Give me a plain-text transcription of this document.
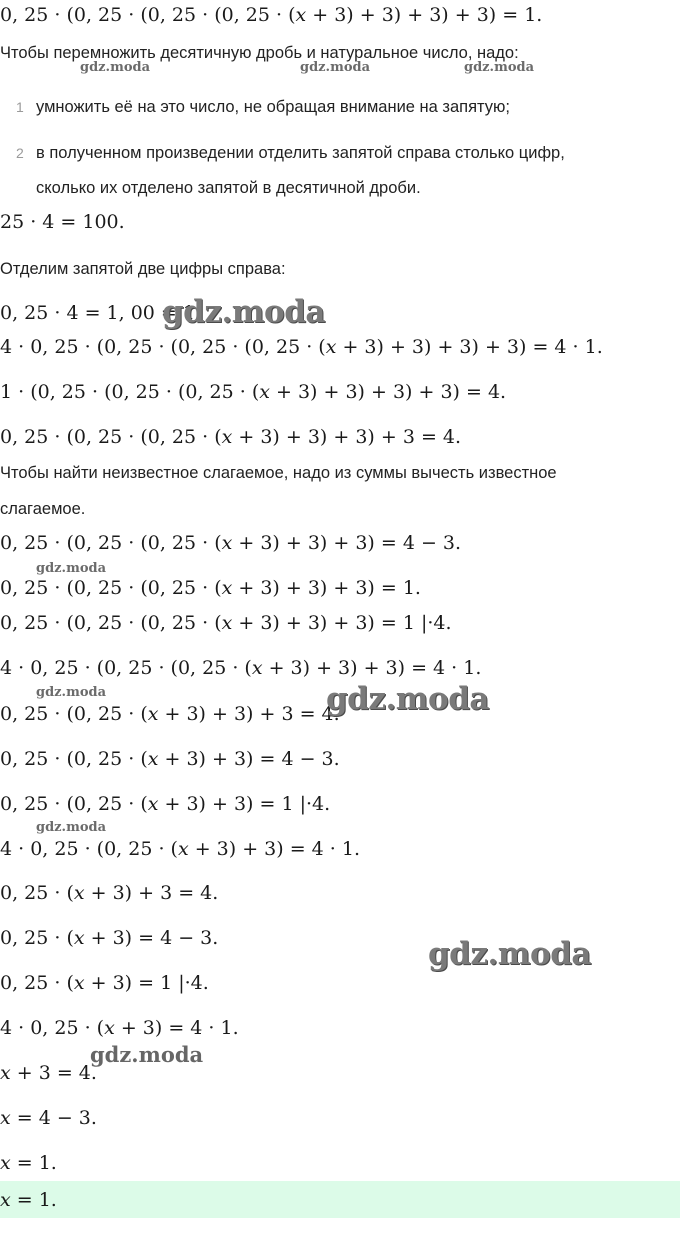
0, 25 · (0, 25 · (0, 25 · (0, 25 · (𝑥 + 3) + 3) + 3) + 3) = 1.
Чтобы перемножить десятичную дробь и натуральное число, надо:
1 умножить её на это число, не обращая внимание на запятую;
2 в полученном произведении отделить запятой справа столько цифр,
сколько их отделено запятой в десятичной дроби.
25 · 4 = 100.
Отделим запятой две цифры справа:
0, 25 · 4 = 1, 00 = 1.
4 · 0, 25 · (0, 25 · (0, 25 · (0, 25 · (𝑥 + 3) + 3) + 3) + 3) = 4 · 1.
1 · (0, 25 · (0, 25 · (0, 25 · (𝑥 + 3) + 3) + 3) + 3) = 4.
0, 25 · (0, 25 · (0, 25 · (𝑥 + 3) + 3) + 3) + 3 = 4.
Чтобы найти неизвестное слагаемое, надо из суммы вычесть известное
слагаемое.
0, 25 · (0, 25 · (0, 25 · (𝑥 + 3) + 3) + 3) = 4 − 3.
0, 25 · (0, 25 · (0, 25 · (𝑥 + 3) + 3) + 3) = 1.
0, 25 · (0, 25 · (0, 25 · (𝑥 + 3) + 3) + 3) = 1 |·4.
4 · 0, 25 · (0, 25 · (0, 25 · (𝑥 + 3) + 3) + 3) = 4 · 1.
0, 25 · (0, 25 · (𝑥 + 3) + 3) + 3 = 4.
0, 25 · (0, 25 · (𝑥 + 3) + 3) = 4 − 3.
0, 25 · (0, 25 · (𝑥 + 3) + 3) = 1 |·4.
4 · 0, 25 · (0, 25 · (𝑥 + 3) + 3) = 4 · 1.
0, 25 · (𝑥 + 3) + 3 = 4.
0, 25 · (𝑥 + 3) = 4 − 3.
0, 25 · (𝑥 + 3) = 1 |·4.
4 · 0, 25 · (𝑥 + 3) = 4 · 1.
𝑥 + 3 = 4.
𝑥 = 4 − 3.
𝑥 = 1.
𝑥 = 1.
gdz.moda	gdz.moda	gdz.moda
gdz.moda
gdz.moda
gdz.moda	gdz.moda
gdz.moda
gdz.moda
gdz.moda
